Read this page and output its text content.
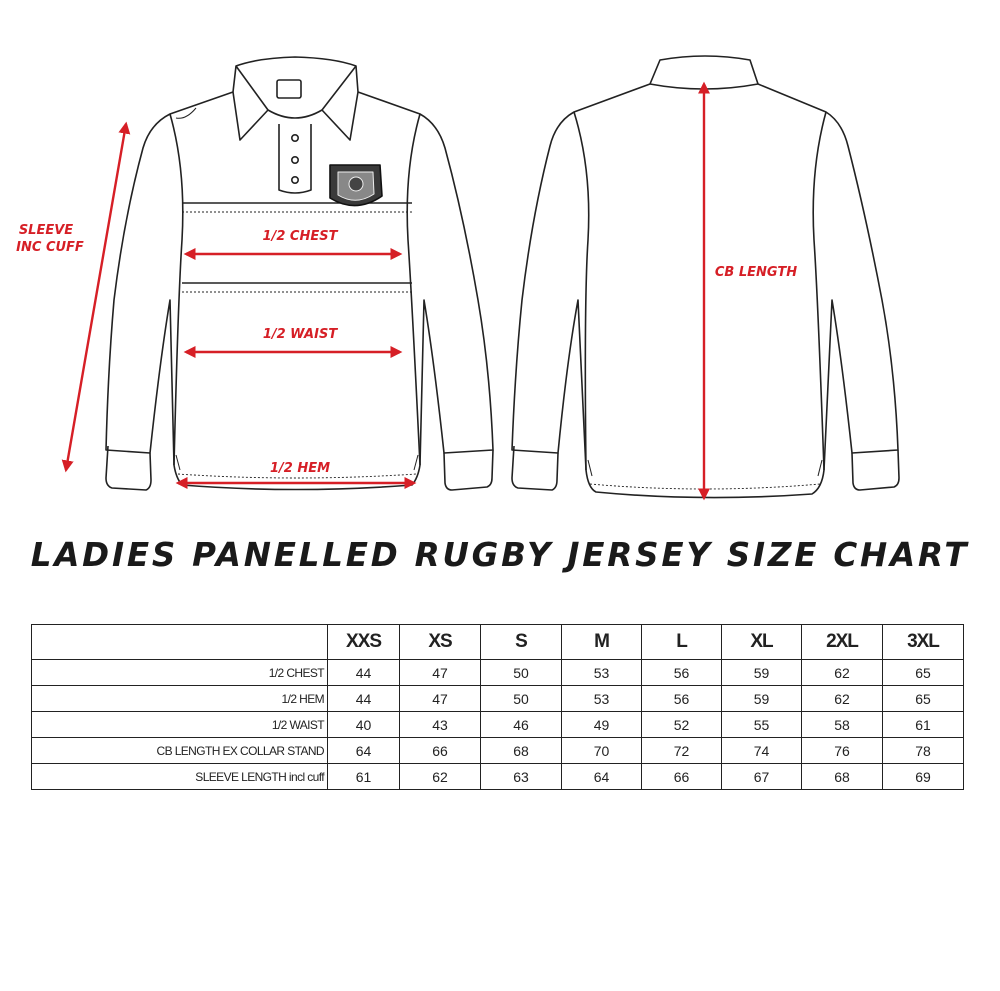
SLEEVE
INC CUFF
1/2 CHEST
1/2 WAIST
1/2 HEM
CB LENGTH
LADIES PANELLED RUGBY JERSEY SIZE CHART
	XXS	XS	S	M	L	XL	2XL	3XL
1/2 CHEST	44	47	50	53	56	59	62	65
1/2 HEM	44	47	50	53	56	59	62	65
1/2 WAIST	40	43	46	49	52	55	58	61
CB LENGTH EX COLLAR STAND	64	66	68	70	72	74	76	78
SLEEVE LENGTH incl cuff	61	62	63	64	66	67	68	69
